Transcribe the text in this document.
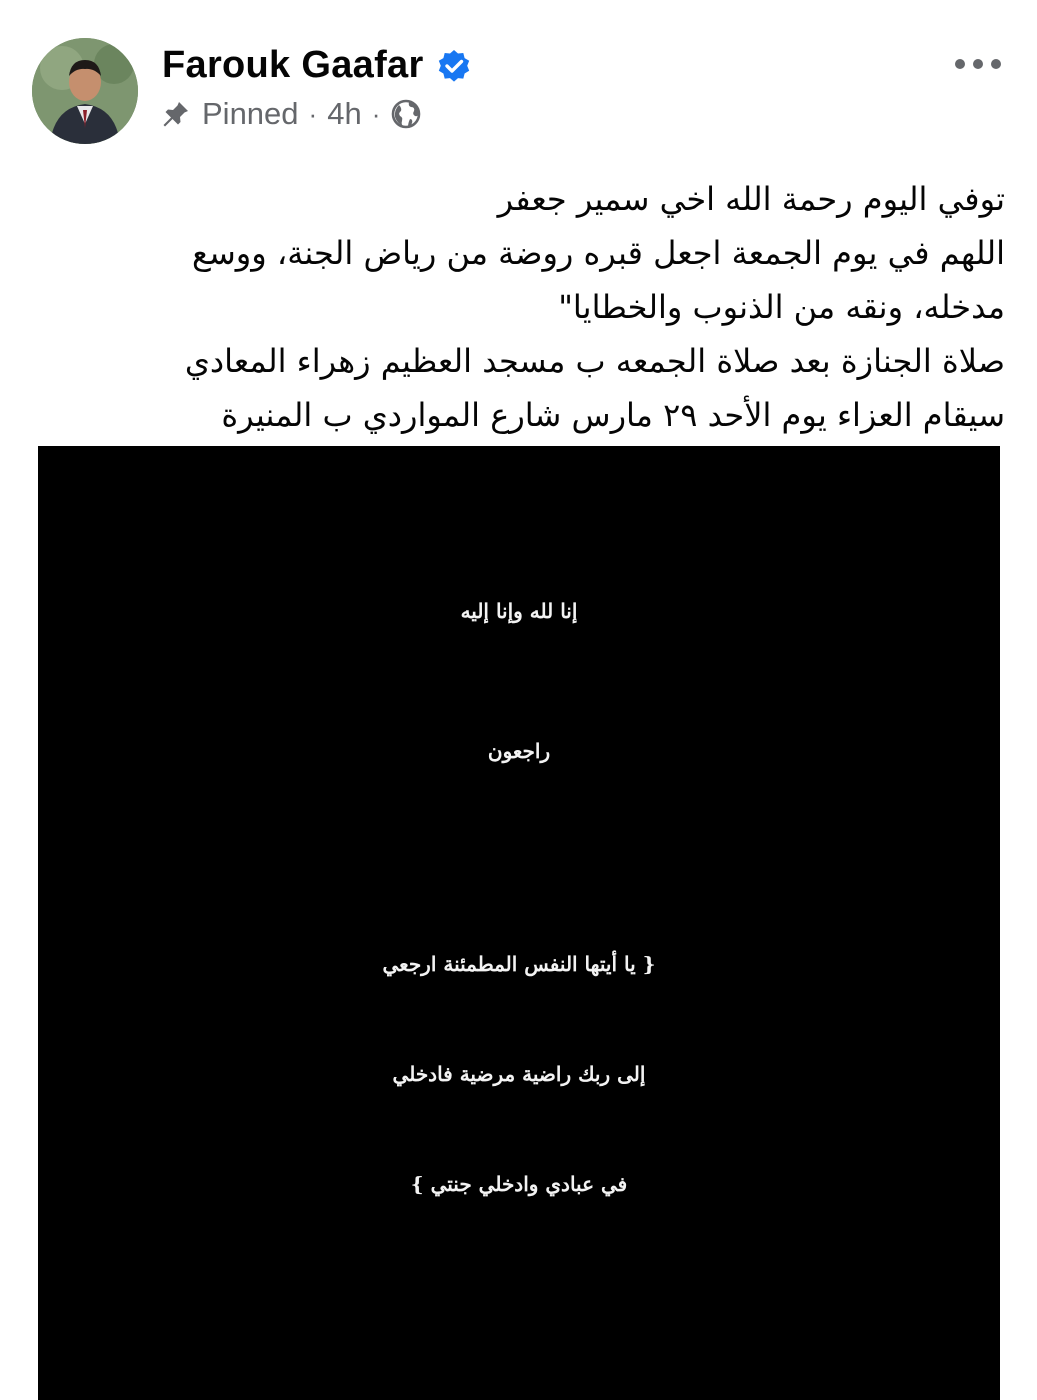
Farouk Gaafar
Pinned · 4h ·

توفي اليوم رحمة الله اخي سمير جعفر

اللهم في يوم الجمعة اجعل قبره روضة من رياض الجنة، ووسع

مدخله، ونقه من الذنوب والخطايا"

صلاة الجنازة بعد صلاة الجمعه ب مسجد العظيم زهراء المعادي

سيقام العزاء يوم الأحد ٢٩ مارس شارع المواردي ب المنيرة

إنا لله وإنا إليه
راجعون
{ يا أيتها النفس المطمئنة ارجعي
إلى ربك راضية مرضية فادخلي
في عبادي وادخلي جنتي }
